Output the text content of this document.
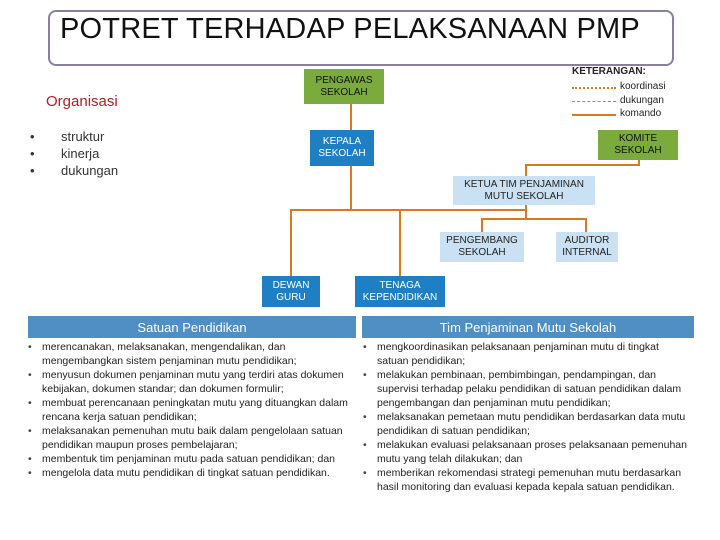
POTRET TERHADAP PELAKSANAAN PMP
Organisasi
• struktur
• kinerja
• dukungan
PENGAWAS
SEKOLAH
KEPALA
SEKOLAH
KOMITE
SEKOLAH
KETUA TIM PENJAMINAN
MUTU SEKOLAH
PENGEMBANG
SEKOLAH
AUDITOR
INTERNAL
DEWAN
GURU
TENAGA
KEPENDIDIKAN
KETERANGAN:
koordinasi
dukungan
komando
Satuan Pendidikan	Tim Penjaminan Mutu Sekolah
• merencanakan, melaksanakan, mengendalikan, dan mengembangkan sistem penjaminan mutu pendidikan;
• menyusun dokumen penjaminan mutu yang terdiri atas dokumen kebijakan, dokumen standar; dan dokumen formulir;
• membuat perencanaan peningkatan mutu yang dituangkan dalam rencana kerja satuan pendidikan;
• melaksanakan pemenuhan mutu baik dalam pengelolaan satuan pendidikan maupun proses pembelajaran;
• membentuk tim penjaminan mutu pada satuan pendidikan; dan
• mengelola data mutu pendidikan di tingkat satuan pendidikan.
• mengkoordinasikan pelaksanaan penjaminan mutu di tingkat satuan pendidikan;
• melakukan pembinaan, pembimbingan, pendampingan, dan supervisi terhadap pelaku pendidikan di satuan pendidikan dalam pengembangan dan penjaminan mutu pendidikan;
• melaksanakan pemetaan mutu pendidikan berdasarkan data mutu pendidikan di satuan pendidikan;
• melakukan evaluasi pelaksanaan proses pelaksanaan pemenuhan mutu yang telah dilakukan; dan
• memberikan rekomendasi strategi pemenuhan mutu berdasarkan hasil monitoring dan evaluasi kepada kepala satuan pendidikan.
